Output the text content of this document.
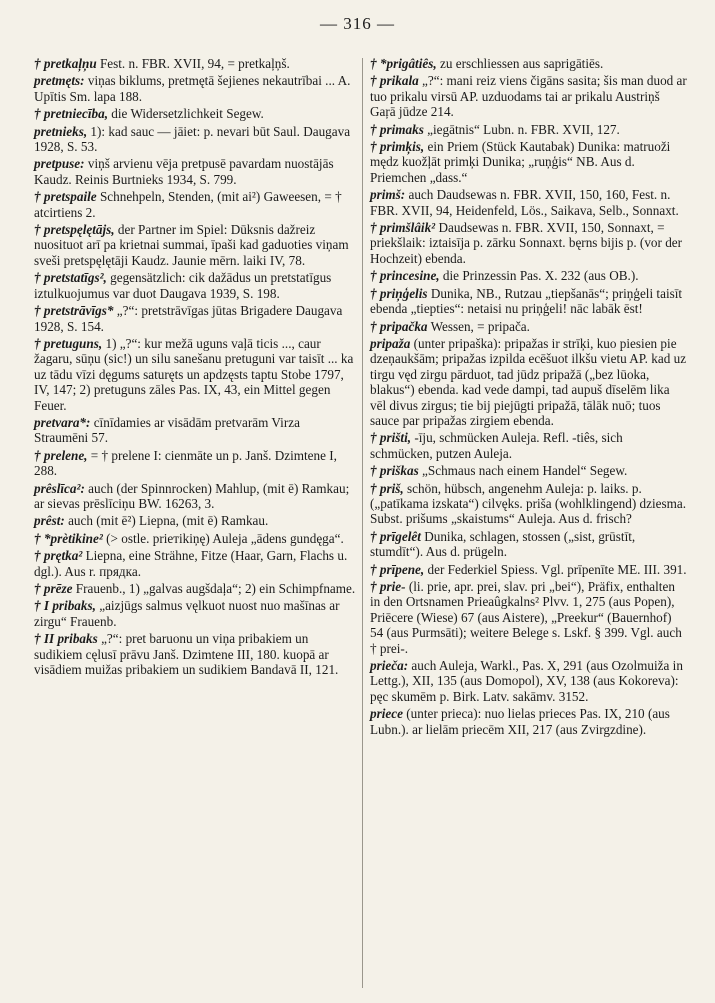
— 316 —

† pretkaļņu Fest. n. FBR. XVII, 94, = pretkaļņš.

pretmęts: viņas biklums, pretmętā šejienes nekautrībai ... A. Upītis Sm. lapa 188.

† pretniecība, die Widersetzlichkeit Segew.

pretnieks, 1): kad sauc — jāiet: p. nevari būt Saul. Daugava 1928, S. 53.

pretpuse: viņš arvienu vēja pretpusē pavardam nuostājās Kaudz. Reinis Burtnieks 1934, S. 799.

† pretspaile Schnehpeln, Stenden, (mit ai²) Gaweesen, = † atcirtiens 2.

† pretspęlętājs, der Partner im Spiel: Dūksnis dažreiz nuosituot arī pa krietnai summai, īpaši kad gaduoties viņam sveši pretspęlętāji Kaudz. Jaunie mērn. laiki IV, 78.

† pretstatīgs², gegensätzlich: cik dažādus un pretstatīgus iztulkuojumus var duot Daugava 1939, S. 198.

† pretstrāvīgs* „?“: pretstrāvīgas jūtas Brigadere Daugava 1928, S. 154.

† pretuguns, 1) „?“: kur mežā uguns vaļā ticis ..., caur žagaru, sūņu (sic!) un silu sanešanu pretuguni var taisīt ... ka uz tādu vīzi dęgums saturęts un apdzęsts taptu Stobe 1797, IV, 147; 2) pretuguns zāles Pas. IX, 43, ein Mittel gegen Feuer.

pretvara*: cīnīdamies ar visādām pretvarām Virza Straumēni 57.

† prelene, = † prelene I: cienmāte un p. Janš. Dzimtene I, 288.

prêslīca²: auch (der Spinnrocken) Mahlup, (mit ē) Ramkau; ar sievas prēslīciņu BW. 16263, 3.

prêst: auch (mit ē²) Liepna, (mit ē) Ramkau.

† *prètikine² (> ostle. prieтikiņę) Auleja „ādens gundęga“.

† prętka² Liepna, eine Strähne, Fitze (Haar, Garn, Flachs u. dgl.). Aus r. прядка.

† prēze Frauenb., 1) „galvas augšdaļa“; 2) ein Schimpfname.

† I pribaks, „aizjūgs salmus vęlkuot nuost nuo mašīnas ar zirgu“ Frauenb.

† II pribaks „?“: pret baruonu un viņa pribakiem un sudikiem cęlusī prāvu Janš. Dzimtene III, 180. kuopā ar visādiem muižas pribakiem un sudikiem Bandavā II, 121.

† *prigâtiês, zu erschliessen aus saprigātiēs.

† prikala „?“: mani reiz viens čigāns sasita; šis man duod ar tuo prikalu virsū AP. uzduodams tai ar prikalu Austriņš Gaŗā jūdze 214.

† primaks „iegātnis“ Lubn. n. FBR. XVII, 127.

† primķis, ein Priem (Stück Kautabak) Dunika: matruoži mędz kuožļāt primķi Dunika; „ruņģis“ NB. Aus d. Priemchen „dass.“

primš: auch Daudsewas n. FBR. XVII, 150, 160, Fest. n. FBR. XVII, 94, Heidenfeld, Lös., Saikava, Selb., Sonnaxt.

† primšlâik² Daudsewas n. FBR. XVII, 150, Sonnaxt, = priekšlaik: iztaisīja p. zārku Sonnaxt. bęrns bijis p. (vor der Hochzeit) ebenda.

† princesine, die Prinzessin Pas. X. 232 (aus OB.).

† priņģelis Dunika, NB., Rutzau „tiepšanās“; priņģeli taisīt ebenda „tiepties“: netaisi nu priņģeli! nāc labāk ēst!

† pripačka Wessen, = pripača.

pripaža (unter pripaška): pripažas ir strīķi, kuo piesien pie dzeņaukšām; pripažas izpilda ecēšuot ilkšu vietu AP. kad uz tirgu vęd zirgu pārduot, tad jūdz pripažā („bez lūoka, blakus“) ebenda. kad vede dampi, tad aupuš dīselēm lika vēl divus zirgus; tie bij piejūgti pripažā, tālāk nuō; tuos sauce par pripažas zirgiem ebenda.

† prišti, -īju, schmücken Auleja. Refl. -tiês, sich schmücken, putzen Auleja.

† priškas „Schmaus nach einem Handel“ Segew.

† priš, schön, hübsch, angenehm Auleja: p. laiks. p. („patīkama izskata“) cilvęks. priša (wohlklingend) dziesma. Subst. prišums „skaistums“ Auleja. Aus d. frisch?

† prīgelêt Dunika, schlagen, stossen („sist, grūstīt, stumdīt“). Aus d. prügeln.

† prīpene, der Federkiel Spiess. Vgl. prīpenīte ME. III. 391.

† prie- (li. prie, apr. prei, slav. pri „bei“), Präfix, enthalten in den Ortsnamen Prieaûgkalns² Plvv. 1, 275 (aus Popen), Priēcere (Wiese) 67 (aus Aistere), „Preekur“ (Bauernhof) 54 (aus Purmsāti); weitere Belege s. Lskf. § 399. Vgl. auch † prei-.

prieča: auch Auleja, Warkl., Pas. X, 291 (aus Ozolmuiža in Lettg.), XII, 135 (aus Domopol), XV, 138 (aus Kokoreva): pęc skumēm p. Birk. Latv. sakāmv. 3152.

priece (unter prieca): nuo lielas prieces Pas. IX, 210 (aus Lubn.). ar lielām priecēm XII, 217 (aus Zvirgzdine).
